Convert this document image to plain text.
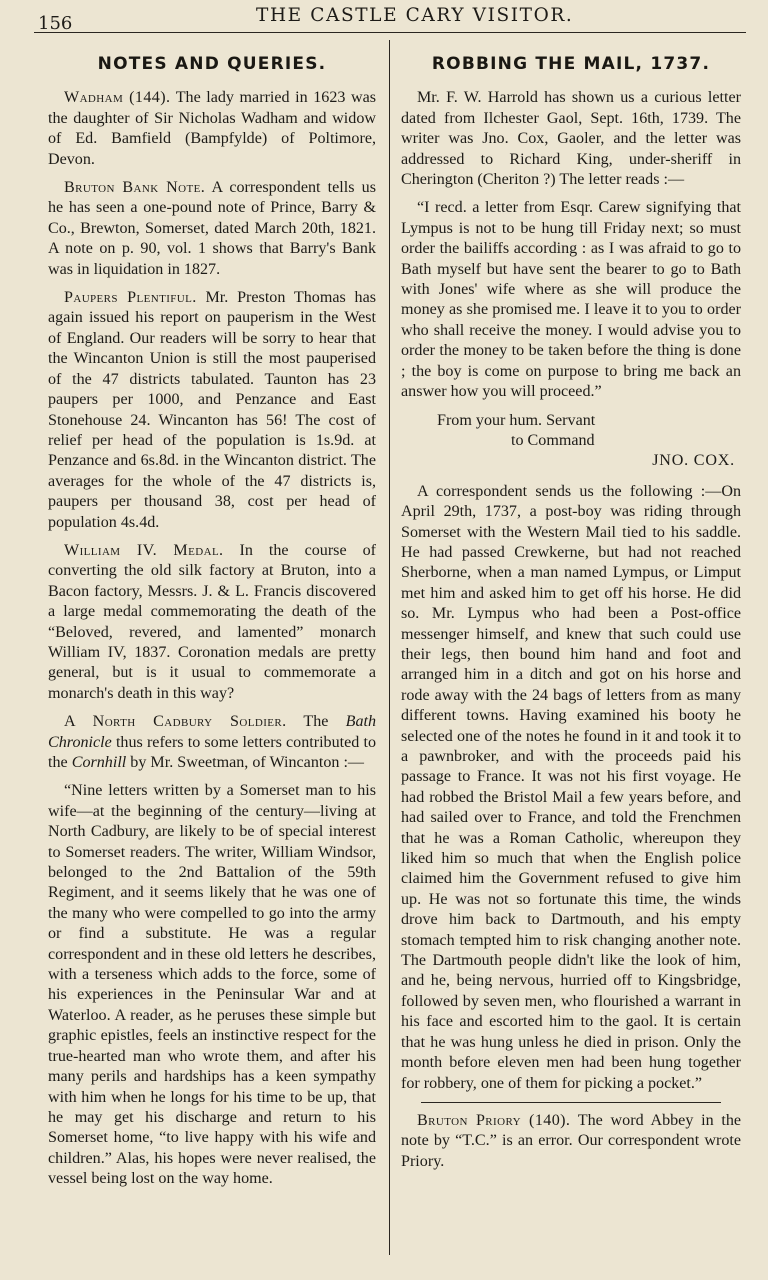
156	THE CASTLE CARY VISITOR.
NOTES AND QUERIES.

Wadham (144). The lady married in 1623 was the daughter of Sir Nicholas Wadham and widow of Ed. Bamfield (Bampfylde) of Poltimore, Devon.

Bruton Bank Note. A correspondent tells us he has seen a one-pound note of Prince, Barry & Co., Brewton, Somerset, dated March 20th, 1821. A note on p. 90, vol. 1 shows that Barry's Bank was in liquidation in 1827.

Paupers Plentiful. Mr. Preston Thomas has again issued his report on pauperism in the West of England. Our readers will be sorry to hear that the Wincanton Union is still the most pauperised of the 47 districts tabulated. Taunton has 23 paupers per 1000, and Penzance and East Stonehouse 24. Wincanton has 56! The cost of relief per head of the population is 1s.9d. at Penzance and 6s.8d. in the Wincanton district. The averages for the whole of the 47 districts is, paupers per thousand 38, cost per head of population 4s.4d.

William IV. Medal. In the course of converting the old silk factory at Bruton, into a Bacon factory, Messrs. J. & L. Francis discovered a large medal commemorating the death of the “Beloved, revered, and lamented” monarch William IV, 1837. Coronation medals are pretty general, but is it usual to commemorate a monarch's death in this way?

A North Cadbury Soldier. The Bath Chronicle thus refers to some letters contributed to the Cornhill by Mr. Sweetman, of Wincanton :—

“Nine letters written by a Somerset man to his wife—at the beginning of the century—living at North Cadbury, are likely to be of special interest to Somerset readers. The writer, William Windsor, belonged to the 2nd Battalion of the 59th Regiment, and it seems likely that he was one of the many who were compelled to go into the army or find a substitute. He was a regular correspondent and in these old letters he describes, with a terseness which adds to the force, some of his experiences in the Peninsular War and at Waterloo. A reader, as he peruses these simple but graphic epistles, feels an instinctive respect for the true-hearted man who wrote them, and after his many perils and hardships has a keen sympathy with him when he longs for his time to be up, that he may get his discharge and return to his Somerset home, “to live happy with his wife and children.” Alas, his hopes were never realised, the vessel being lost on the way home.

ROBBING THE MAIL, 1737.

Mr. F. W. Harrold has shown us a curious letter dated from Ilchester Gaol, Sept. 16th, 1739. The writer was Jno. Cox, Gaoler, and the letter was addressed to Richard King, under-sheriff in Cherington (Cheriton ?) The letter reads :—

“I recd. a letter from Esqr. Carew signifying that Lympus is not to be hung till Friday next; so must order the bailiffs according : as I was afraid to go to Bath myself but have sent the bearer to go to Bath with Jones' wife where as she will produce the money as she promised me. I leave it to you to order who shall receive the money. I would advise you to order the money to be taken before the thing is done ; the boy is come on purpose to bring me back an answer how you will proceed.”

From your hum. Servant
to Command
JNO. COX.

A correspondent sends us the following :—On April 29th, 1737, a post-boy was riding through Somerset with the Western Mail tied to his saddle. He had passed Crewkerne, but had not reached Sherborne, when a man named Lympus, or Limput met him and asked him to get off his horse. He did so. Mr. Lympus who had been a Post-office messenger himself, and knew that such could use their legs, then bound him hand and foot and arranged him in a ditch and got on his horse and rode away with the 24 bags of letters from as many different towns. Having examined his booty he selected one of the notes he found in it and took it to a pawnbroker, and with the proceeds paid his passage to France. It was not his first voyage. He had robbed the Bristol Mail a few years before, and had sailed over to France, and told the Frenchmen that he was a Roman Catholic, whereupon they liked him so much that when the English police claimed him the Government refused to give him up. He was not so fortunate this time, the winds drove him back to Dartmouth, and his empty stomach tempted him to risk changing another note. The Dartmouth people didn't like the look of him, and he, being nervous, hurried off to Kingsbridge, followed by seven men, who flourished a warrant in his face and escorted him to the gaol. It is certain that he was hung unless he died in prison. Only the month before eleven men had been hung together for robbery, one of them for picking a pocket.”

Bruton Priory (140). The word Abbey in the note by “T.C.” is an error. Our correspondent wrote Priory.
